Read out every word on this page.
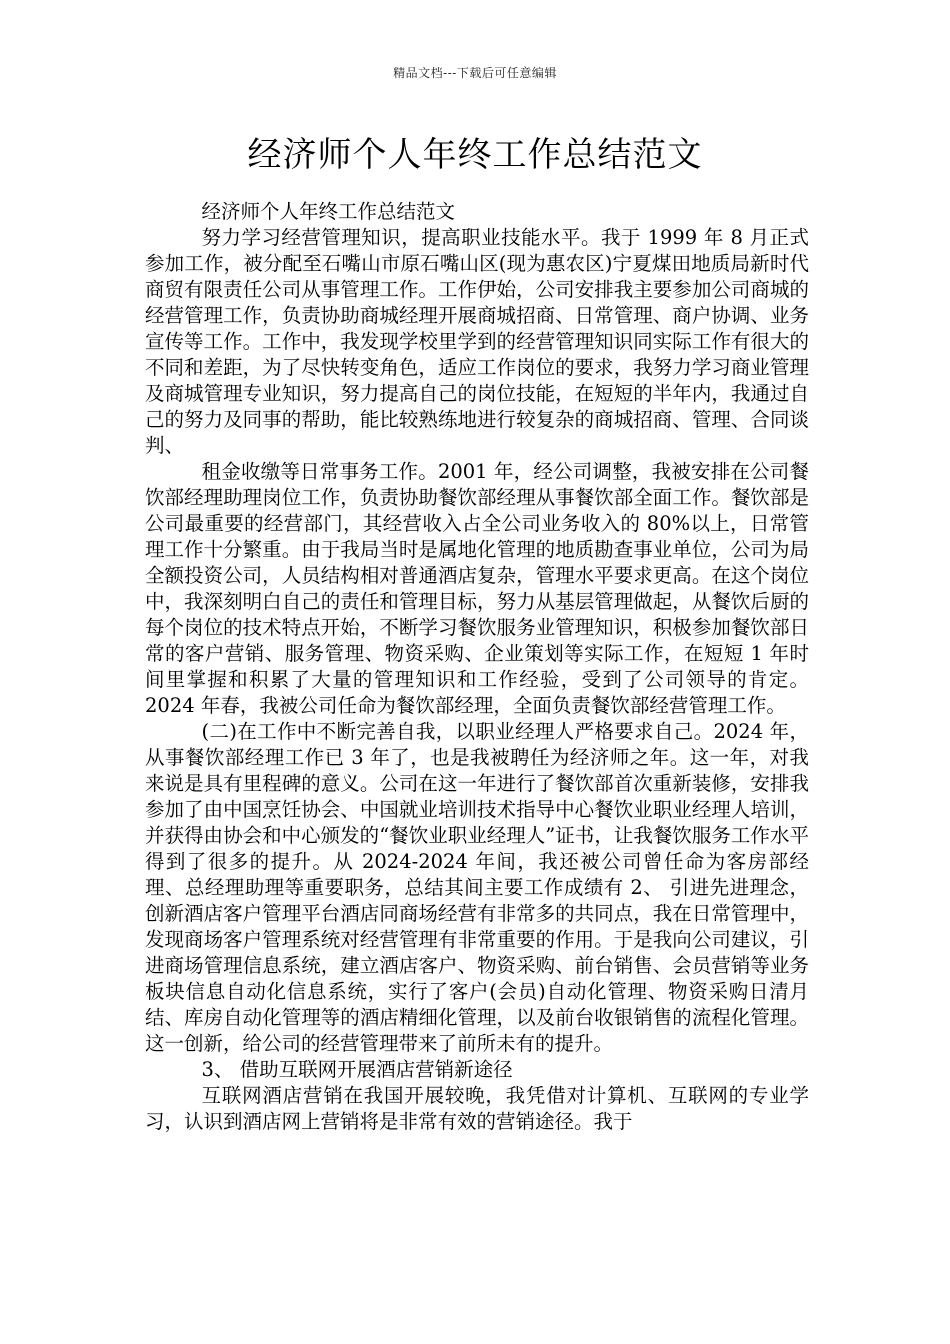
精品文档---下载后可任意编辑
经济师个人年终工作总结范文

经济师个人年终工作总结范文

努力学习经营管理知识，提高职业技能水平。我于 1999 年 8 月正式参加工作，被分配至石嘴山市原石嘴山区(现为惠农区)宁夏煤田地质局新时代商贸有限责任公司从事管理工作。工作伊始，公司安排我主要参加公司商城的经营管理工作，负责协助商城经理开展商城招商、日常管理、商户协调、业务宣传等工作。工作中，我发现学校里学到的经营管理知识同实际工作有很大的不同和差距，为了尽快转变角色，适应工作岗位的要求，我努力学习商业管理及商城管理专业知识，努力提高自己的岗位技能，在短短的半年内，我通过自己的努力及同事的帮助，能比较熟练地进行较复杂的商城招商、管理、合同谈判、

租金收缴等日常事务工作。2001 年，经公司调整，我被安排在公司餐饮部经理助理岗位工作，负责协助餐饮部经理从事餐饮部全面工作。餐饮部是公司最重要的经营部门，其经营收入占全公司业务收入的 80%以上，日常管理工作十分繁重。由于我局当时是属地化管理的地质勘查事业单位，公司为局全额投资公司，人员结构相对普通酒店复杂，管理水平要求更高。在这个岗位中，我深刻明白自己的责任和管理目标，努力从基层管理做起，从餐饮后厨的每个岗位的技术特点开始，不断学习餐饮服务业管理知识，积极参加餐饮部日常的客户营销、服务管理、物资采购、企业策划等实际工作，在短短 1 年时间里掌握和积累了大量的管理知识和工作经验，受到了公司领导的肯定。2024 年春，我被公司任命为餐饮部经理，全面负责餐饮部经营管理工作。

(二)在工作中不断完善自我，以职业经理人严格要求自己。2024 年，从事餐饮部经理工作已 3 年了，也是我被聘任为经济师之年。这一年，对我来说是具有里程碑的意义。公司在这一年进行了餐饮部首次重新装修，安排我参加了由中国烹饪协会、中国就业培训技术指导中心餐饮业职业经理人培训，并获得由协会和中心颁发的“餐饮业职业经理人”证书，让我餐饮服务工作水平得到了很多的提升。从 2024-2024 年间，我还被公司曾任命为客房部经理、总经理助理等重要职务，总结其间主要工作成绩有 2、 引进先进理念，创新酒店客户管理平台酒店同商场经营有非常多的共同点，我在日常管理中，发现商场客户管理系统对经营管理有非常重要的作用。于是我向公司建议，引进商场管理信息系统，建立酒店客户、物资采购、前台销售、会员营销等业务板块信息自动化信息系统，实行了客户(会员)自动化管理、物资采购日清月结、库房自动化管理等的酒店精细化管理，以及前台收银销售的流程化管理。这一创新，给公司的经营管理带来了前所未有的提升。

3、 借助互联网开展酒店营销新途径

互联网酒店营销在我国开展较晚，我凭借对计算机、互联网的专业学习，认识到酒店网上营销将是非常有效的营销途径。我于
